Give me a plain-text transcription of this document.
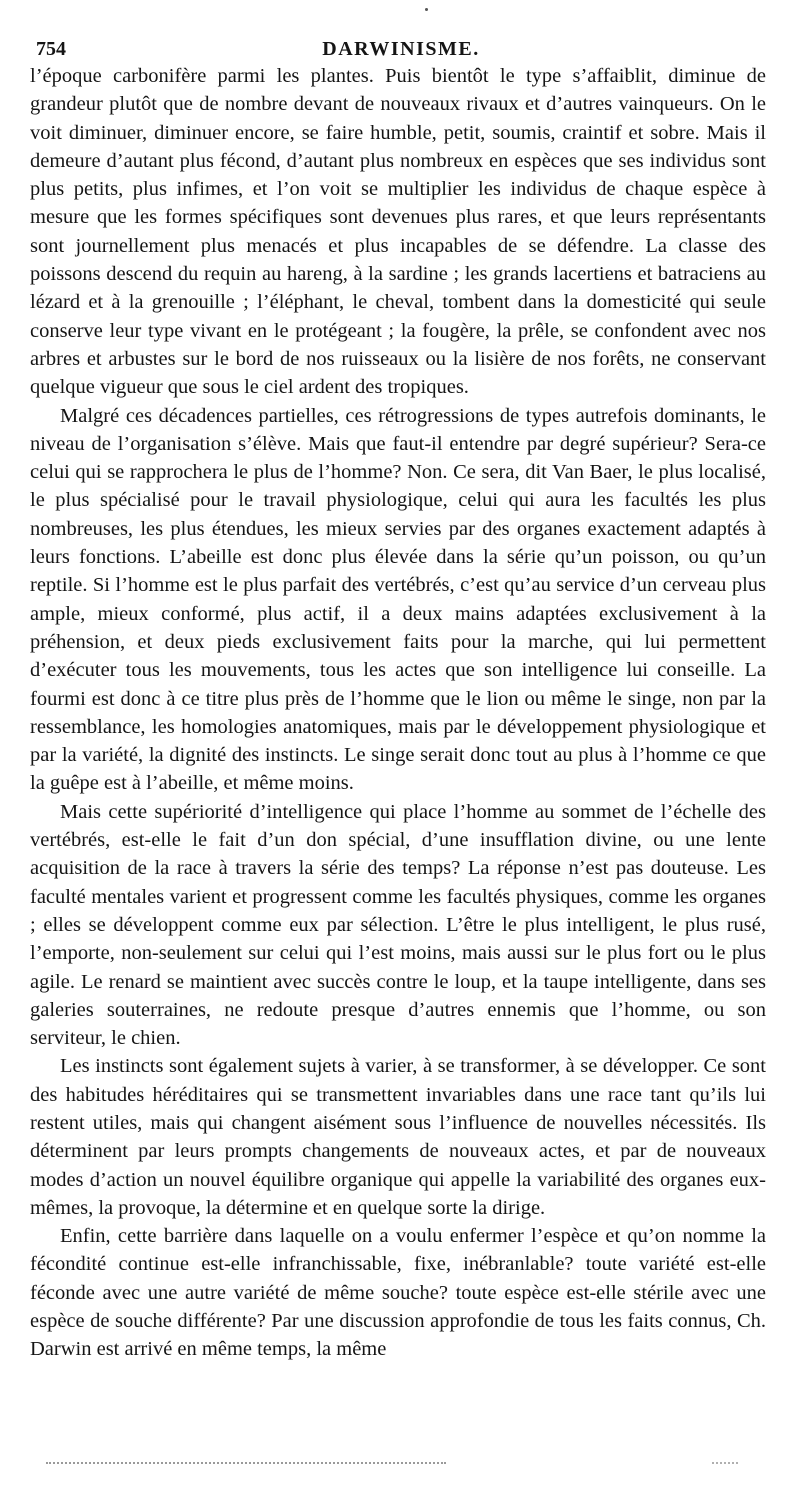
754	DARWINISME.

l’époque carbonifère parmi les plantes. Puis bientôt le type s’affaiblit, diminue de grandeur plutôt que de nombre devant de nouveaux rivaux et d’autres vainqueurs. On le voit diminuer, diminuer encore, se faire humble, petit, soumis, craintif et sobre. Mais il demeure d’autant plus fécond, d’autant plus nombreux en espèces que ses individus sont plus petits, plus infimes, et l’on voit se multiplier les individus de chaque espèce à mesure que les formes spécifiques sont devenues plus rares, et que leurs représentants sont journellement plus menacés et plus incapables de se défendre. La classe des poissons descend du requin au hareng, à la sardine ; les grands lacertiens et batraciens au lézard et à la grenouille ; l’éléphant, le cheval, tombent dans la domesticité qui seule conserve leur type vivant en le protégeant ; la fougère, la prêle, se confondent avec nos arbres et arbustes sur le bord de nos ruisseaux ou la lisière de nos forêts, ne conservant quelque vigueur que sous le ciel ardent des tropiques.

Malgré ces décadences partielles, ces rétrogressions de types autrefois dominants, le niveau de l’organisation s’élève. Mais que faut-il entendre par degré supérieur? Sera-ce celui qui se rapprochera le plus de l’homme? Non. Ce sera, dit Van Baer, le plus localisé, le plus spécialisé pour le travail physiologique, celui qui aura les facultés les plus nombreuses, les plus étendues, les mieux servies par des organes exactement adaptés à leurs fonctions. L’abeille est donc plus élevée dans la série qu’un poisson, ou qu’un reptile. Si l’homme est le plus parfait des vertébrés, c’est qu’au service d’un cerveau plus ample, mieux conformé, plus actif, il a deux mains adaptées exclusivement à la préhension, et deux pieds exclusivement faits pour la marche, qui lui permettent d’exécuter tous les mouvements, tous les actes que son intelligence lui conseille. La fourmi est donc à ce titre plus près de l’homme que le lion ou même le singe, non par la ressemblance, les homologies anatomiques, mais par le développement physiologique et par la variété, la dignité des instincts. Le singe serait donc tout au plus à l’homme ce que la guêpe est à l’abeille, et même moins.

Mais cette supériorité d’intelligence qui place l’homme au sommet de l’échelle des vertébrés, est-elle le fait d’un don spécial, d’une insufflation divine, ou une lente acquisition de la race à travers la série des temps? La réponse n’est pas douteuse. Les faculté mentales varient et progressent comme les facultés physiques, comme les organes ; elles se développent comme eux par sélection. L’être le plus intelligent, le plus rusé, l’emporte, non-seulement sur celui qui l’est moins, mais aussi sur le plus fort ou le plus agile. Le renard se maintient avec succès contre le loup, et la taupe intelligente, dans ses galeries souterraines, ne redoute presque d’autres ennemis que l’homme, ou son serviteur, le chien.

Les instincts sont également sujets à varier, à se transformer, à se développer. Ce sont des habitudes héréditaires qui se transmettent invariables dans une race tant qu’ils lui restent utiles, mais qui changent aisément sous l’influence de nouvelles nécessités. Ils déterminent par leurs prompts changements de nouveaux actes, et par de nouveaux modes d’action un nouvel équilibre organique qui appelle la variabilité des organes eux-mêmes, la provoque, la détermine et en quelque sorte la dirige.

Enfin, cette barrière dans laquelle on a voulu enfermer l’espèce et qu’on nomme la fécondité continue est-elle infranchissable, fixe, inébranlable? toute variété est-elle féconde avec une autre variété de même souche? toute espèce est-elle stérile avec une espèce de souche différente? Par une discussion approfondie de tous les faits connus, Ch. Darwin est arrivé en même temps, la même
